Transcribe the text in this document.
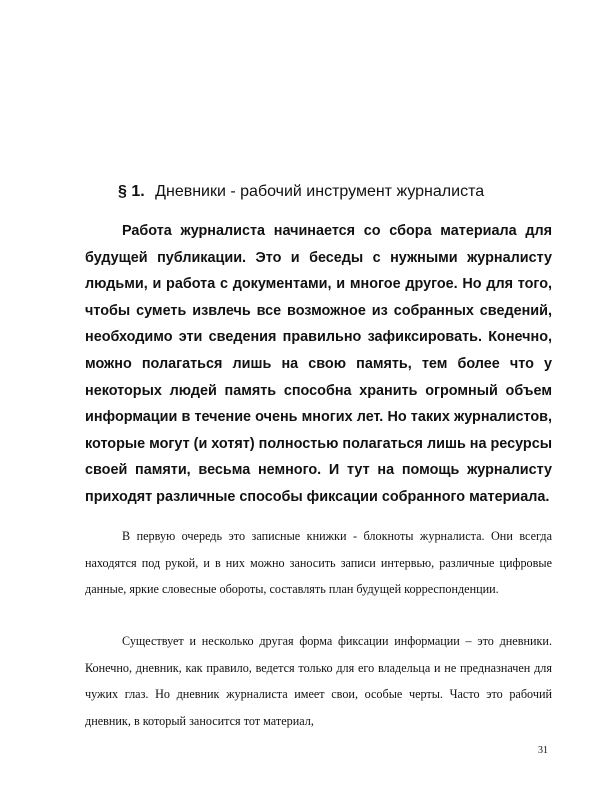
§ 1. Дневники - рабочий инструмент журналиста

Работа журналиста начинается со сбора материала для будущей публикации. Это и беседы с нужными журналисту людьми, и работа с документами, и многое другое. Но для того, чтобы суметь извлечь все возможное из собранных сведений, необходимо эти сведения правильно зафиксировать. Конечно, можно полагаться лишь на свою память, тем более что у некоторых людей память способна хранить огромный объем информации в течение очень многих лет. Но таких журналистов, которые могут (и хотят) полностью полагаться лишь на ресурсы своей памяти, весьма немного. И тут на помощь журналисту приходят различные способы фиксации собранного материала.

В первую очередь это записные книжки - блокноты журналиста. Они всегда находятся под рукой, и в них можно заносить записи интервью, различные цифровые данные, яркие словесные обороты, составлять план будущей корреспонденции.

Существует и несколько другая форма фиксации информации – это дневники. Конечно, дневник, как правило, ведется только для его владельца и не предназначен для чужих глаз. Но дневник журналиста имеет свои, особые черты. Часто это рабочий дневник, в который заносится тот материал,

31
